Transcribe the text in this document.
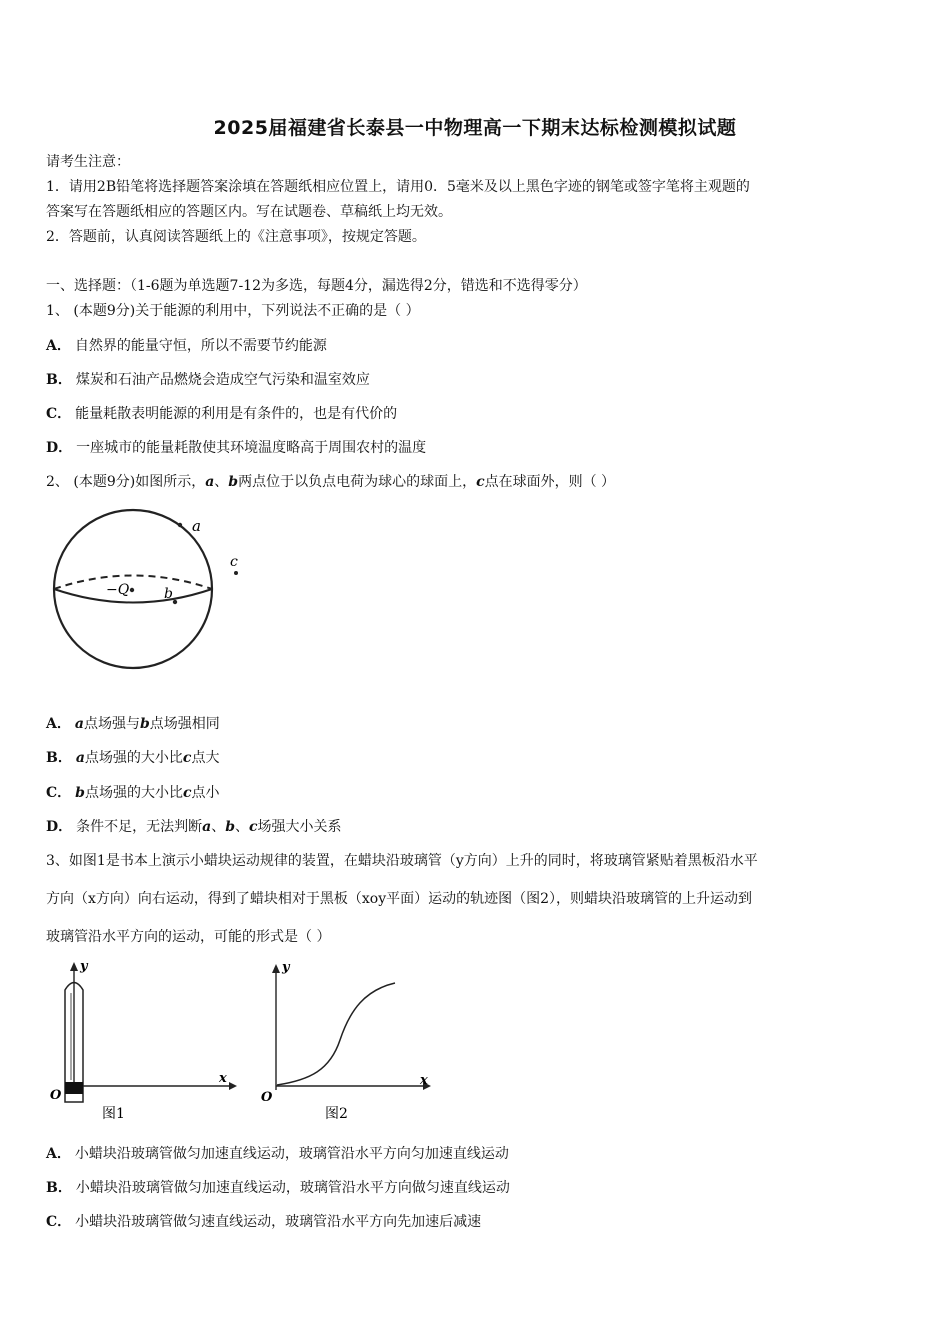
2025届福建省长泰县一中物理高一下期末达标检测模拟试题
请考生注意：
1．请用2B铅笔将选择题答案涂填在答题纸相应位置上，请用0．5毫米及以上黑色字迹的钢笔或签字笔将主观题的
答案写在答题纸相应的答题区内。写在试题卷、草稿纸上均无效。
2．答题前，认真阅读答题纸上的《注意事项》，按规定答题。
一、选择题：（1-6题为单选题7-12为多选，每题4分，漏选得2分，错选和不选得零分）
1、 (本题9分)关于能源的利用中，下列说法不正确的是（ ）
A． 自然界的能量守恒，所以不需要节约能源
B． 煤炭和石油产品燃烧会造成空气污染和温室效应
C． 能量耗散表明能源的利用是有条件的，也是有代价的
D． 一座城市的能量耗散使其环境温度略高于周围农村的温度
2、 (本题9分)如图所示，a、b两点位于以负点电荷为球心的球面上，c点在球面外，则（ ）
a
−Q b
c
A． a点场强与b点场强相同
B． a点场强的大小比c点大
C． b点场强的大小比c点小
D． 条件不足，无法判断a、b、c场强大小关系
3、如图1是书本上演示小蜡块运动规律的装置，在蜡块沿玻璃管（y方向）上升的同时，将玻璃管紧贴着黑板沿水平
方向（x方向）向右运动，得到了蜡块相对于黑板（xoy平面）运动的轨迹图（图2），则蜡块沿玻璃管的上升运动到
玻璃管沿水平方向的运动，可能的形式是（ ）
x
y
O
图1
x
y
O
图2
A． 小蜡块沿玻璃管做匀加速直线运动，玻璃管沿水平方向匀加速直线运动
B． 小蜡块沿玻璃管做匀加速直线运动，玻璃管沿水平方向做匀速直线运动
C． 小蜡块沿玻璃管做匀速直线运动，玻璃管沿水平方向先加速后减速
